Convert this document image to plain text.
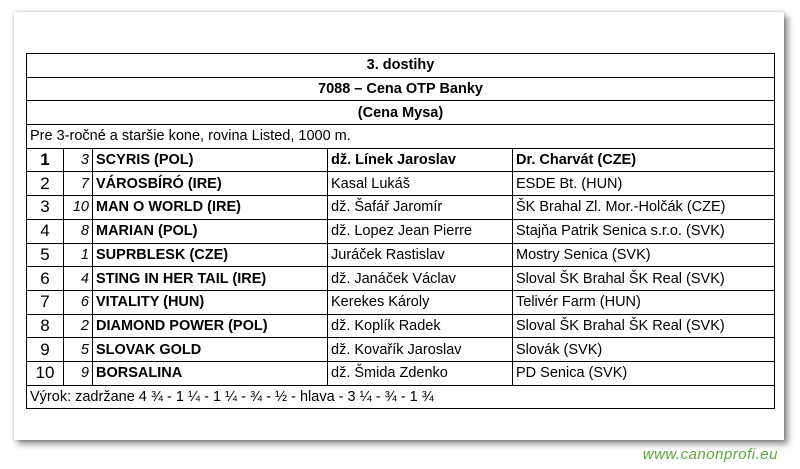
3. dostihy				
7088 – Cena OTP Banky				
(Cena Mysa)				
Pre 3-ročné a staršie kone, rovina Listed, 1000 m.				
1	3	SCYRIS (POL)	dž. Línek Jaroslav	Dr. Charvát (CZE)
2	7	VÁROSBÍRÓ (IRE)	Kasal Lukáš	ESDE Bt. (HUN)
3	10	MAN O WORLD (IRE)	dž. Šafář Jaromír	ŠK Brahal Zl. Mor.-Holčák (CZE)
4	8	MARIAN (POL)	dž. Lopez Jean Pierre	Stajňa Patrik Senica s.r.o. (SVK)
5	1	SUPRBLESK (CZE)	Juráček Rastislav	Mostry Senica (SVK)
6	4	STING IN HER TAIL (IRE)	dž. Janáček Václav	Sloval ŠK Brahal ŠK Real (SVK)
7	6	VITALITY (HUN)	Kerekes Károly	Telivér Farm (HUN)
8	2	DIAMOND POWER (POL)	dž. Koplík Radek	Sloval ŠK Brahal ŠK Real (SVK)
9	5	SLOVAK GOLD	dž. Kovařík Jaroslav	Slovák (SVK)
10	9	BORSALINA	dž. Šmida Zdenko	PD Senica (SVK)
Výrok: zadržane 4 ¾ - 1 ¼ - 1 ¼ - ¾ - ½ - hlava - 3 ¼ - ¾ - 1 ¾				
www.canonprofi.eu
